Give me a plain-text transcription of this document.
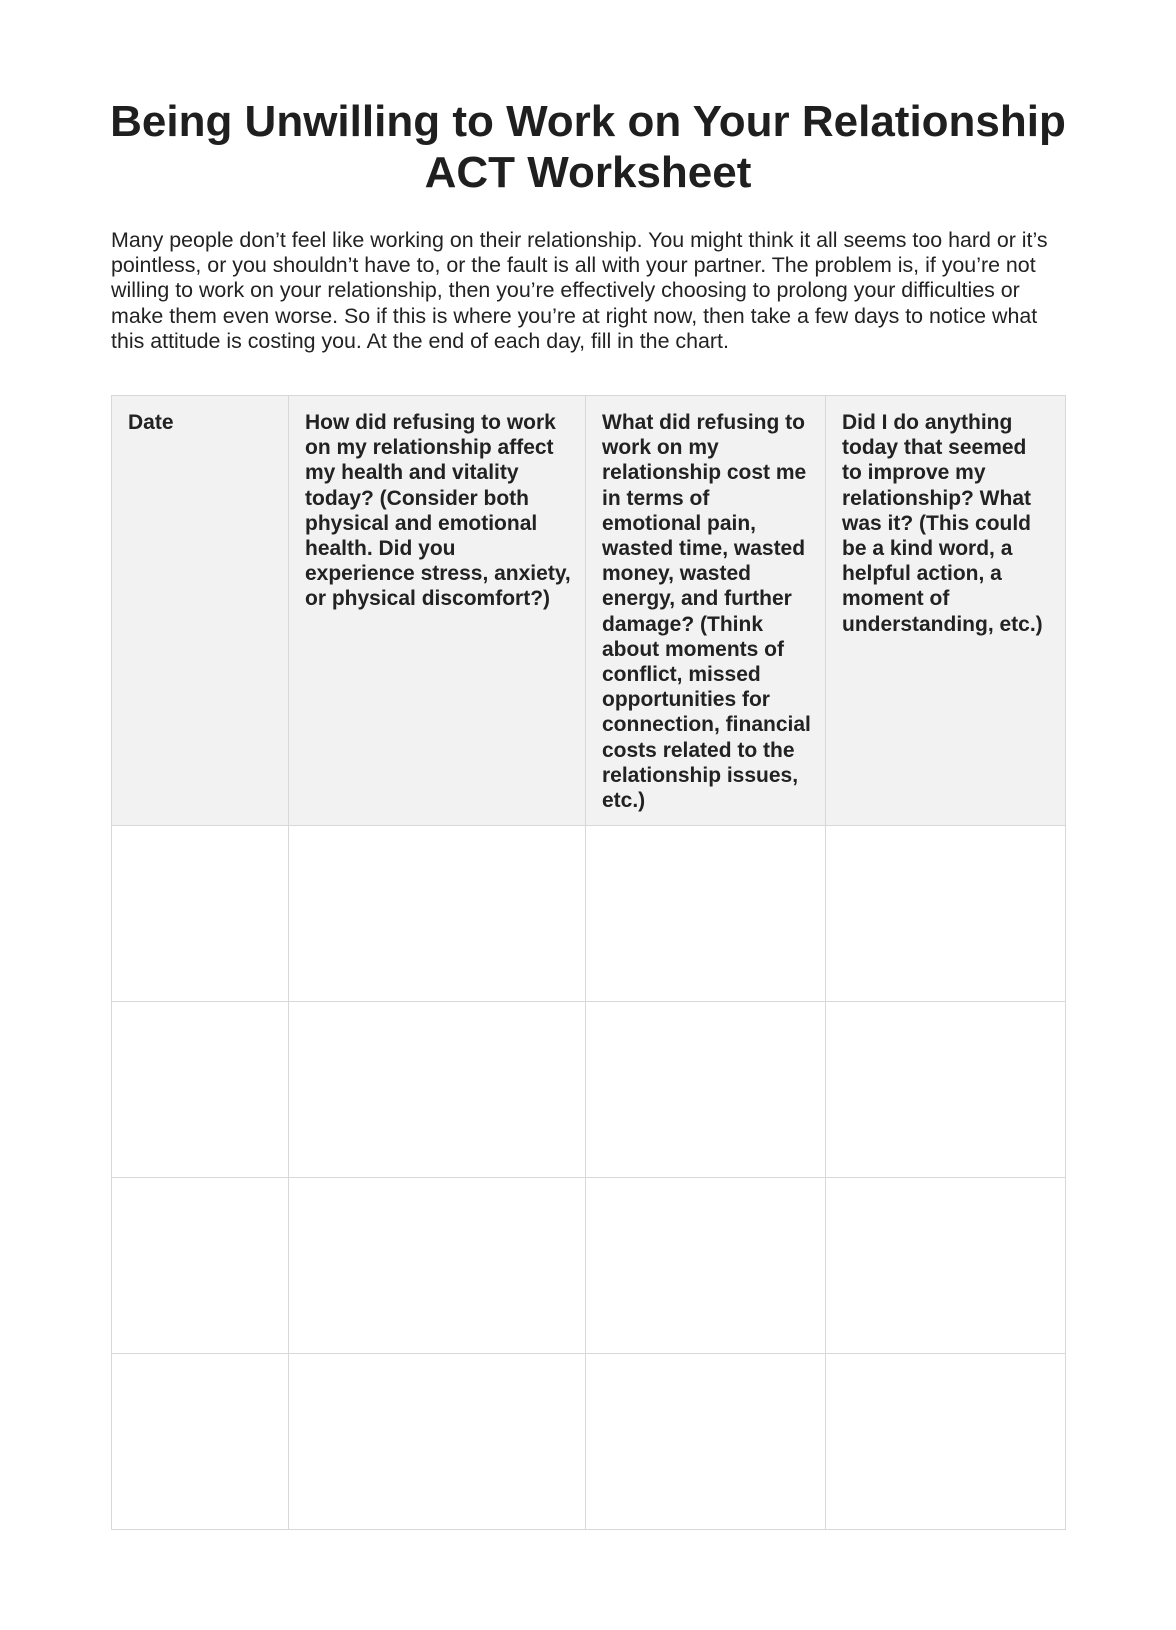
Being Unwilling to Work on Your Relationship ACT Worksheet

Many people don’t feel like working on their relationship. You might think it all seems too hard or it’s pointless, or you shouldn’t have to, or the fault is all with your partner. The problem is, if you’re not willing to work on your relationship, then you’re effectively choosing to prolong your difficulties or make them even worse. So if this is where you’re at right now, then take a few days to notice what this attitude is costing you. At the end of each day, fill in the chart.

Date	How did refusing to work on my relationship affect my health and vitality today? (Consider both physical and emotional health. Did you experience stress, anxiety, or physical discomfort?)	What did refusing to work on my relationship cost me in terms of emotional pain, wasted time, wasted money, wasted energy, and further damage? (Think about moments of conflict, missed opportunities for connection, financial costs related to the relationship issues, etc.)	Did I do anything today that seemed to improve my relationship? What was it? (This could be a kind word, a helpful action, a moment of understanding, etc.)
